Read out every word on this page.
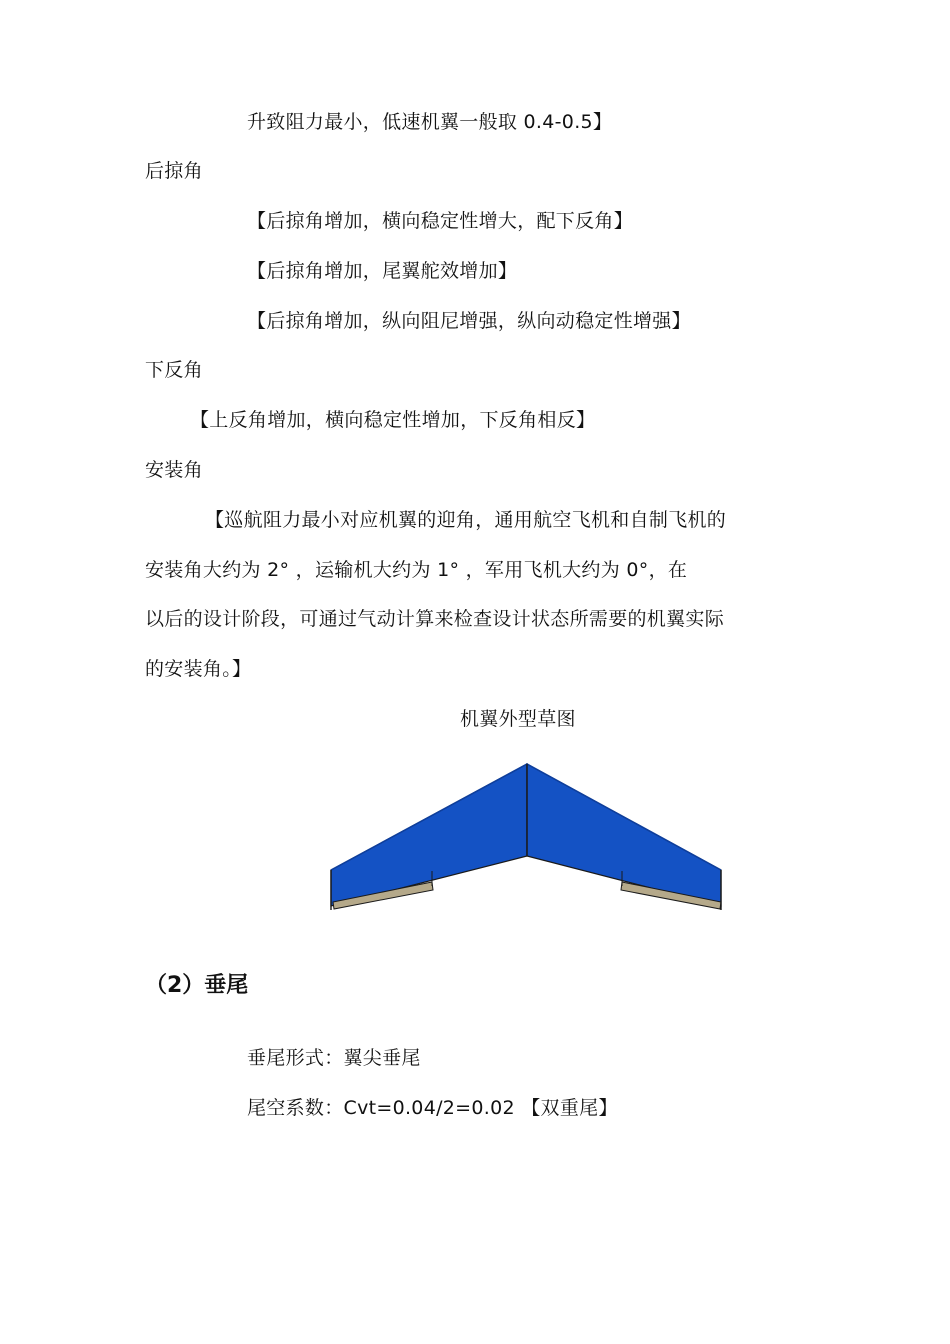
升致阻力最小，低速机翼一般取 0.4-0.5】
后掠角
【后掠角增加，横向稳定性增大，配下反角】
【后掠角增加，尾翼舵效增加】
【后掠角增加，纵向阻尼增强，纵向动稳定性增强】
下反角
【上反角增加，横向稳定性增加，下反角相反】
安装角
【巡航阻力最小对应机翼的迎角，通用航空飞机和自制飞机的
安装角大约为 2° ，运输机大约为 1° ，军用飞机大约为 0°，在
以后的设计阶段，可通过气动计算来检查设计状态所需要的机翼实际
的安装角。】
机翼外型草图
（2）垂尾
垂尾形式：翼尖垂尾
尾空系数：Cvt=0.04/2=0.02 【双重尾】
